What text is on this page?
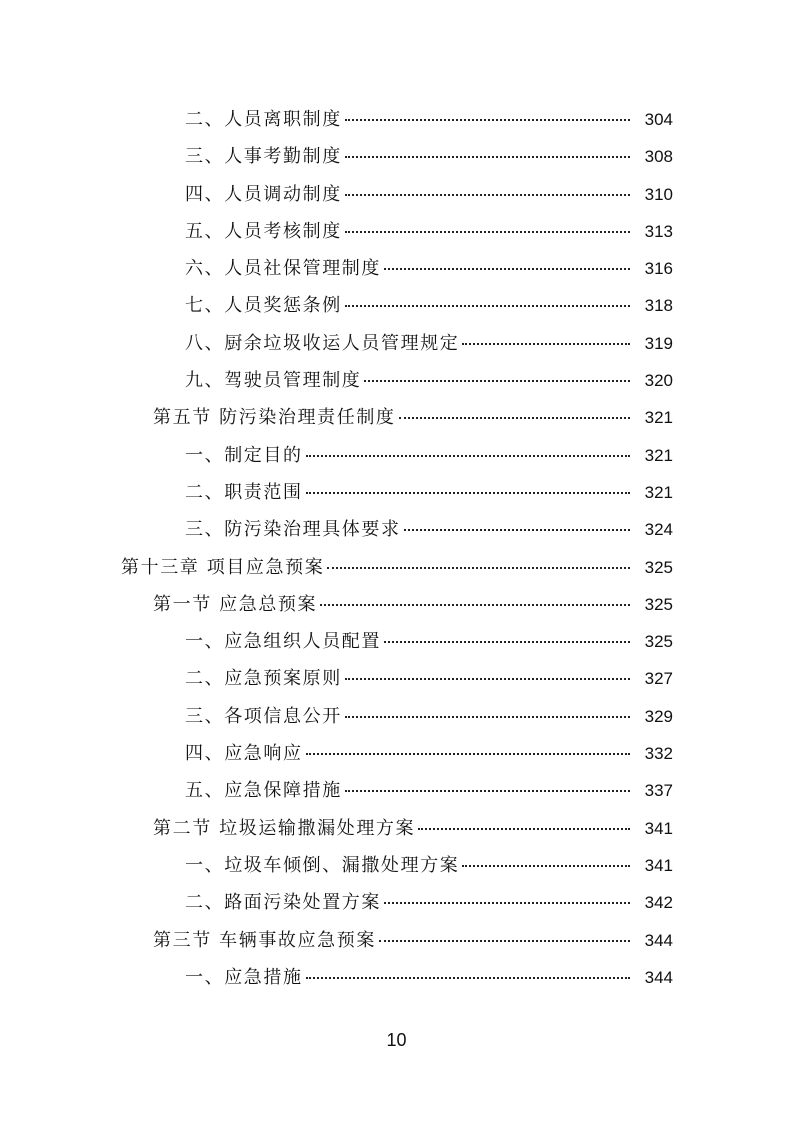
二、人员离职制度	304
三、人事考勤制度	308
四、人员调动制度	310
五、人员考核制度	313
六、人员社保管理制度	316
七、人员奖惩条例	318
八、厨余垃圾收运人员管理规定	319
九、驾驶员管理制度	320
第五节 防污染治理责任制度	321
一、制定目的	321
二、职责范围	321
三、防污染治理具体要求	324
第十三章 项目应急预案	325
第一节 应急总预案	325
一、应急组织人员配置	325
二、应急预案原则	327
三、各项信息公开	329
四、应急响应	332
五、应急保障措施	337
第二节 垃圾运输撒漏处理方案	341
一、垃圾车倾倒、漏撒处理方案	341
二、路面污染处置方案	342
第三节 车辆事故应急预案	344
一、应急措施	344
10
